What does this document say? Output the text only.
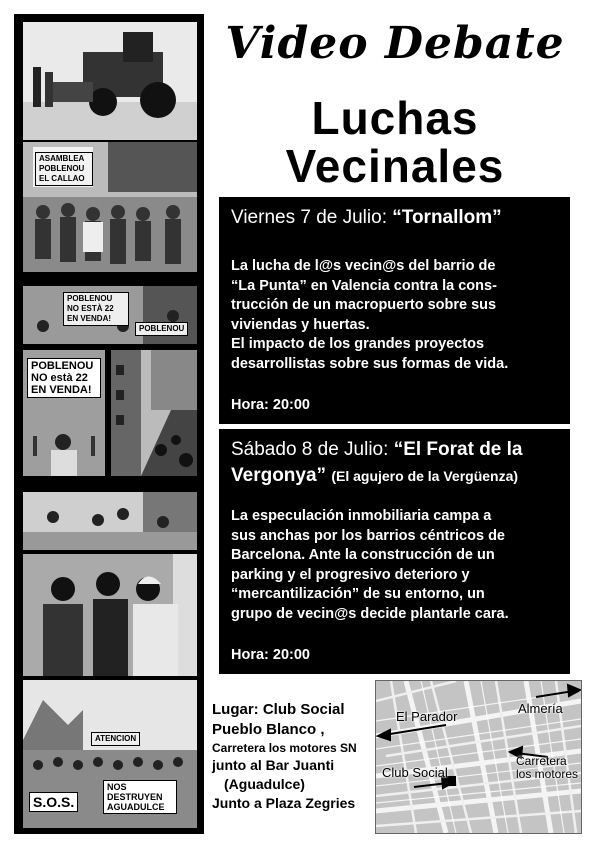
ASAMBLEA POBLENOU EL CALLAO
POBLENOU NO ESTÀ 22 EN VENDA!
POBLENOU
POBLENOU NO està 22 EN VENDA!
ATENCION
S.O.S.
NOS DESTRUYEN AGUADULCE
Video Debate
Luchas
Vecinales
Viernes 7 de Julio: “Tornallom”
La lucha de l@s vecin@s del barrio de
“La Punta” en Valencia contra la cons-
trucción de un macropuerto sobre sus
viviendas y huertas.
El impacto de los grandes proyectos
desarrollistas sobre sus formas de vida.
Hora: 20:00
Sábado 8 de Julio: “El Forat de la
Vergonya” (El agujero de la Vergüenza)
La especulación inmobiliaria campa a
sus anchas por los barrios céntricos de
Barcelona. Ante la construcción de un
parking y el progresivo deterioro y
“mercantilización” de su entorno, un
grupo de vecin@s decide plantarle cara.
Hora: 20:00
Lugar: Club Social
Pueblo Blanco ,
Carretera los motores SN
junto al Bar Juanti
(Aguadulce)
Junto a Plaza Zegries
El Parador
Almería
Club Social
Carretera
los motores
